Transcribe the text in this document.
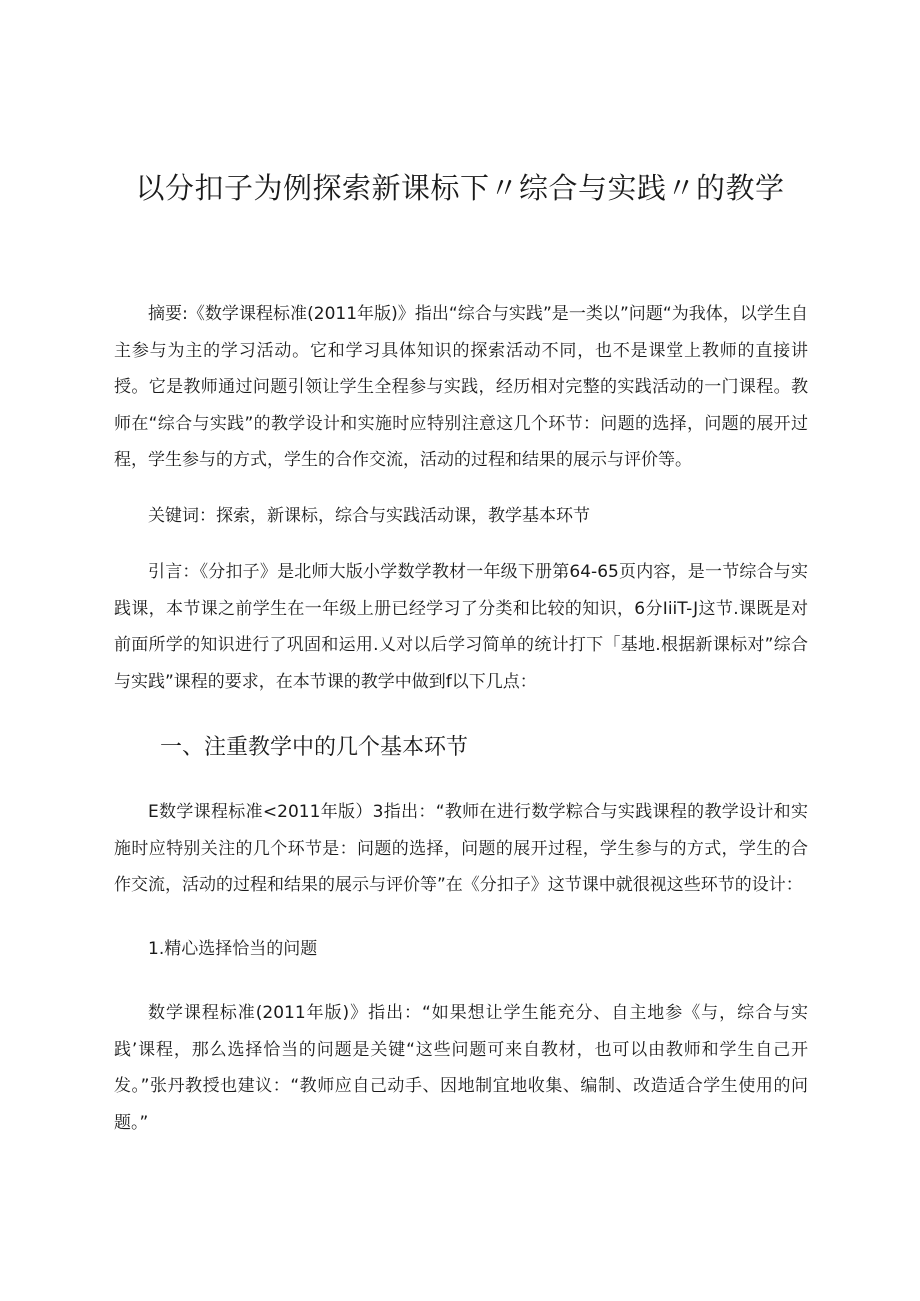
以分扣子为例探索新课标下〃综合与实践〃的教学

摘要:《数学课程标准(2011年版)》指出“综合与实践”是一类以”问题“为我体，以学生自主参与为主的学习活动。它和学习具体知识的探索活动不同，也不是课堂上教师的直接讲授。它是教师通过问题引领让学生全程参与实践，经历相对完整的实践活动的一门课程。教师在“综合与实践”的教学设计和实施时应特别注意这几个环节：问题的选择，问题的展开过程，学生参与的方式，学生的合作交流，活动的过程和结果的展示与评价等。

关键词：探索，新课标，综合与实践活动课，教学基本环节

引言：《分扣子》是北师大版小学数学教材一年级下册第64-65页内容，是一节综合与实践课，本节课之前学生在一年级上册已经学习了分类和比较的知识，6分IiiT-J这节.课既是对前面所学的知识进行了巩固和运用.乂对以后学习简单的统计打下「基地.根据新课标对”综合与实践”课程的要求，在本节课的教学中做到f以下几点：

一、注重教学中的几个基本环节

E数学课程标准<2011年版）3指出：“教师在进行数学粽合与实践课程的教学设计和实施时应特别关注的几个环节是：问题的选择，问题的展开过程，学生参与的方式，学生的合作交流，活动的过程和结果的展示与评价等”在《分扣子》这节课中就很视这些环节的设计：

1.精心选择恰当的问题

数学课程标准(2011年版)》指出：“如果想让学生能充分、自主地参《与，综合与实践’课程，那么选择恰当的问题是关键“这些问题可来自教材，也可以由教师和学生自己开发。”张丹教授也建议：“教师应自己动手、因地制宜地收集、编制、改造适合学生使用的问题。”
